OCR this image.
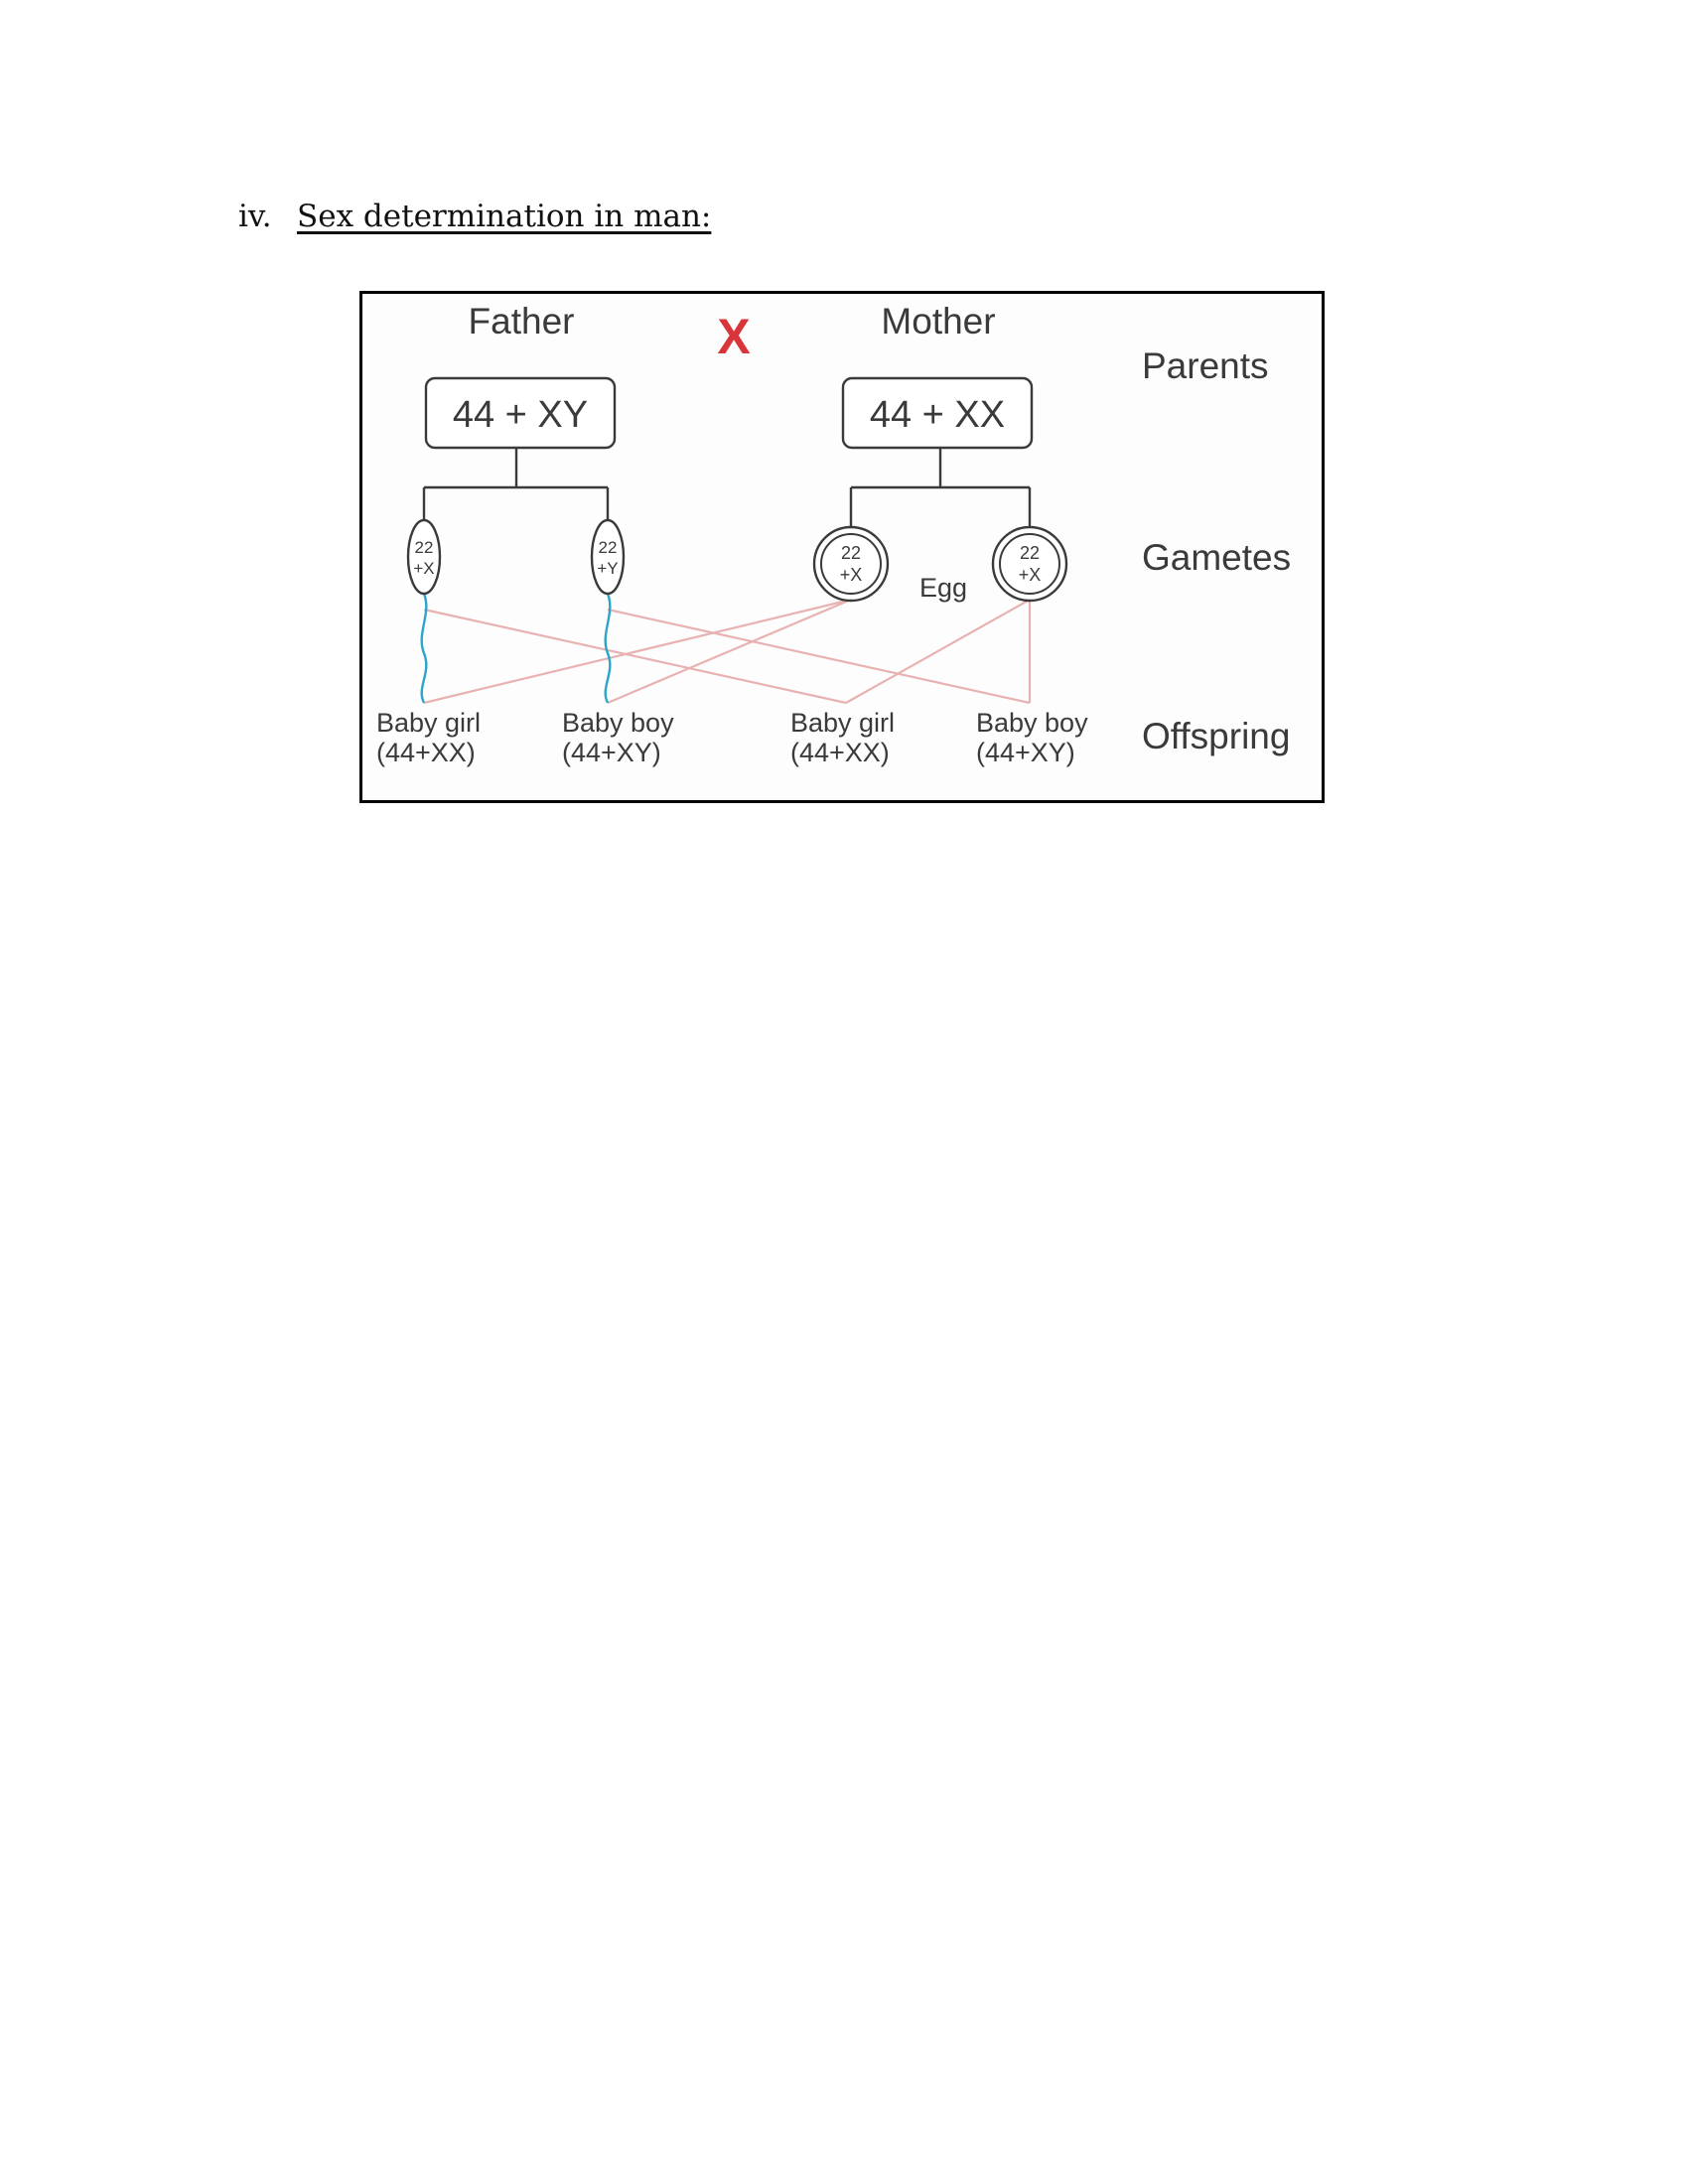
iv. Sex determination in man:
X
Father	Mother
44 + XY	44 + XX
22
+X
22
+Y
22
+X
22
+X
Egg
Parents
Gametes
Offspring
Baby girl
(44+XX)
Baby boy
(44+XY)
Baby girl
(44+XX)
Baby boy
(44+XY)
